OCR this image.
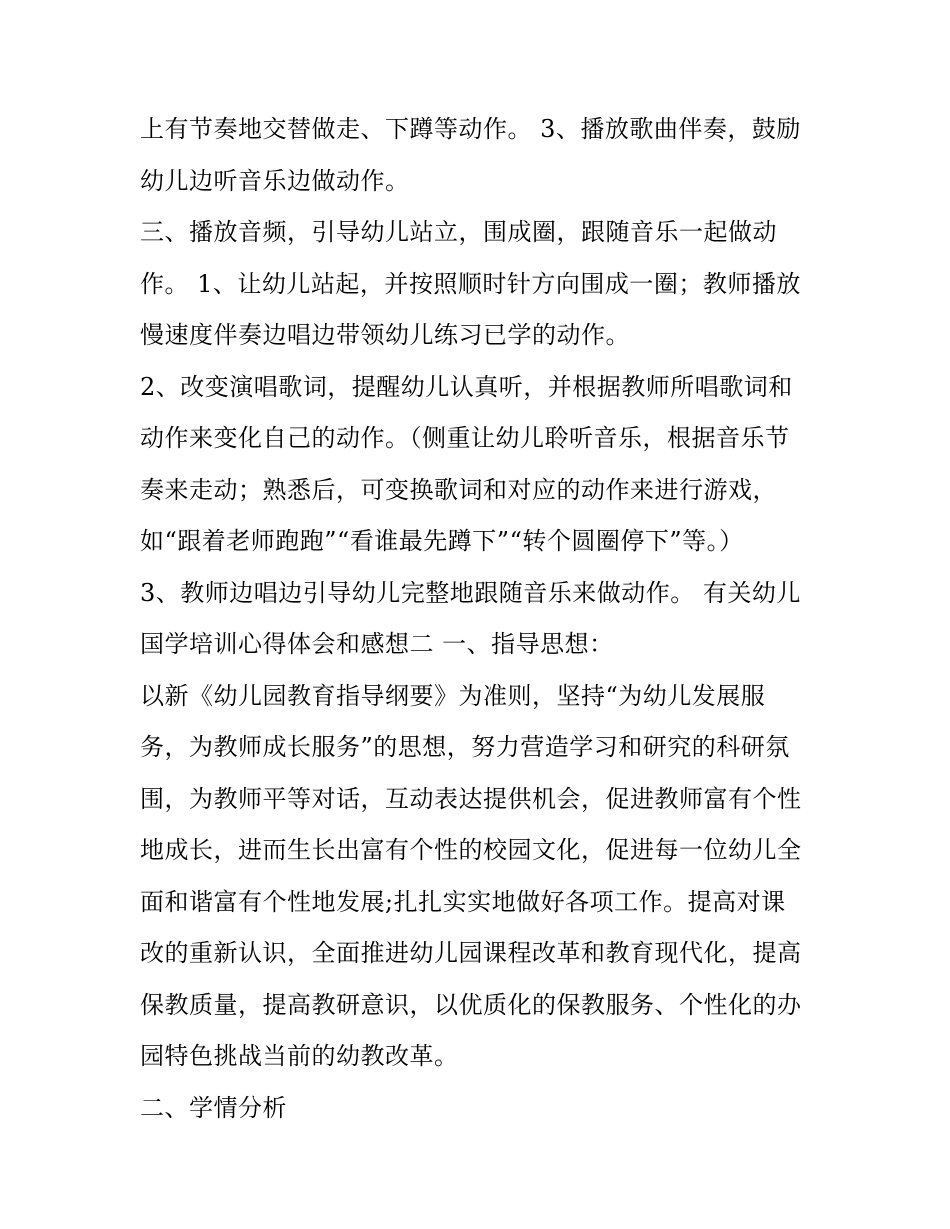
上有节奏地交替做走、下蹲等动作。 3、播放歌曲伴奏，鼓励
幼儿边听音乐边做动作。
三、播放音频，引导幼儿站立，围成圈，跟随音乐一起做动
作。 1、让幼儿站起，并按照顺时针方向围成一圈；教师播放
慢速度伴奏边唱边带领幼儿练习已学的动作。
2、改变演唱歌词，提醒幼儿认真听，并根据教师所唱歌词和
动作来变化自己的动作。（侧重让幼儿聆听音乐，根据音乐节
奏来走动；熟悉后，可变换歌词和对应的动作来进行游戏，
如“跟着老师跑跑”“看谁最先蹲下”“转个圆圈停下”等。）
3、教师边唱边引导幼儿完整地跟随音乐来做动作。 有关幼儿
国学培训心得体会和感想二 一、指导思想：
以新《幼儿园教育指导纲要》为准则，坚持“为幼儿发展服
务，为教师成长服务”的思想，努力营造学习和研究的科研氛
围，为教师平等对话，互动表达提供机会，促进教师富有个性
地成长，进而生长出富有个性的校园文化，促进每一位幼儿全
面和谐富有个性地发展;扎扎实实地做好各项工作。提高对课
改的重新认识，全面推进幼儿园课程改革和教育现代化，提高
保教质量，提高教研意识，以优质化的保教服务、个性化的办
园特色挑战当前的幼教改革。
二、学情分析
